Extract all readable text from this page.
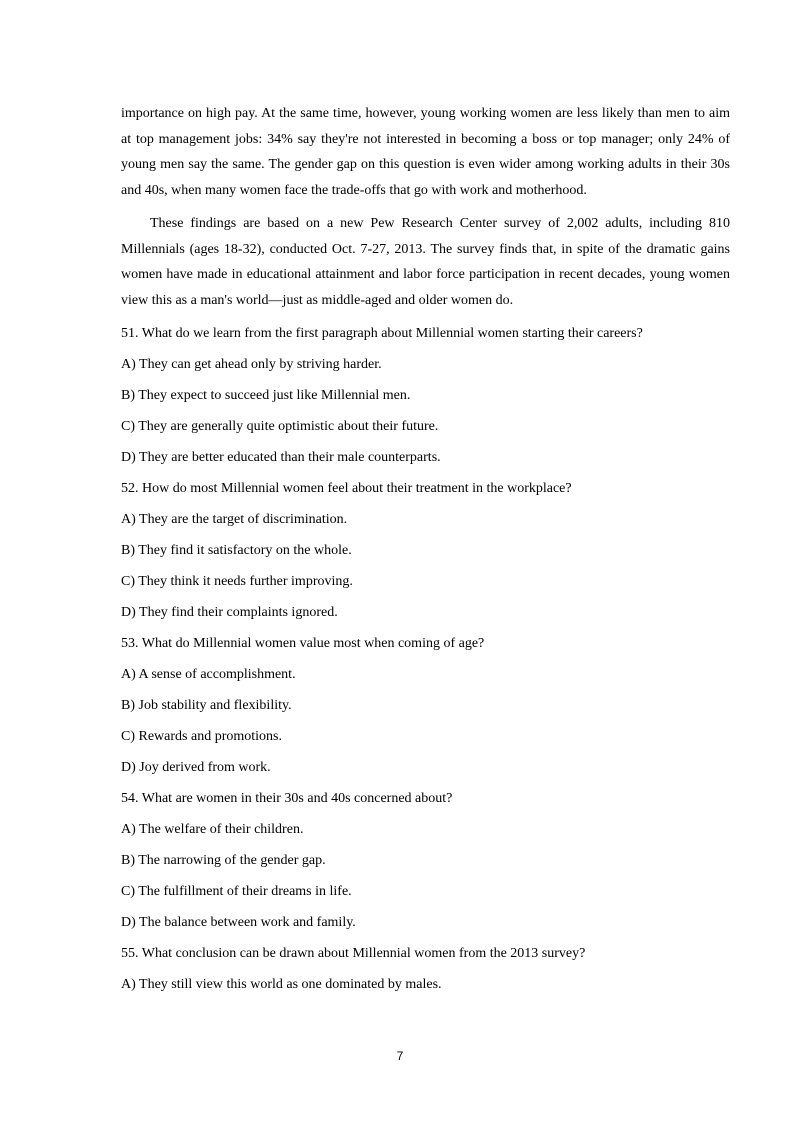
importance on high pay. At the same time, however, young working women are less likely than men to aim at top management jobs: 34% say they're not interested in becoming a boss or top manager; only 24% of young men say the same. The gender gap on this question is even wider among working adults in their 30s and 40s, when many women face the trade-offs that go with work and motherhood.

These findings are based on a new Pew Research Center survey of 2,002 adults, including 810 Millennials (ages 18-32), conducted Oct. 7-27, 2013. The survey finds that, in spite of the dramatic gains women have made in educational attainment and labor force participation in recent decades, young women view this as a man's world—just as middle-aged and older women do.

51. What do we learn from the first paragraph about Millennial women starting their careers?

A) They can get ahead only by striving harder.

B) They expect to succeed just like Millennial men.

C) They are generally quite optimistic about their future.

D) They are better educated than their male counterparts.

52. How do most Millennial women feel about their treatment in the workplace?

A) They are the target of discrimination.

B) They find it satisfactory on the whole.

C) They think it needs further improving.

D) They find their complaints ignored.

53. What do Millennial women value most when coming of age?

A) A sense of accomplishment.

B) Job stability and flexibility.

C) Rewards and promotions.

D) Joy derived from work.

54. What are women in their 30s and 40s concerned about?

A) The welfare of their children.

B) The narrowing of the gender gap.

C) The fulfillment of their dreams in life.

D) The balance between work and family.

55. What conclusion can be drawn about Millennial women from the 2013 survey?

A) They still view this world as one dominated by males.

7
